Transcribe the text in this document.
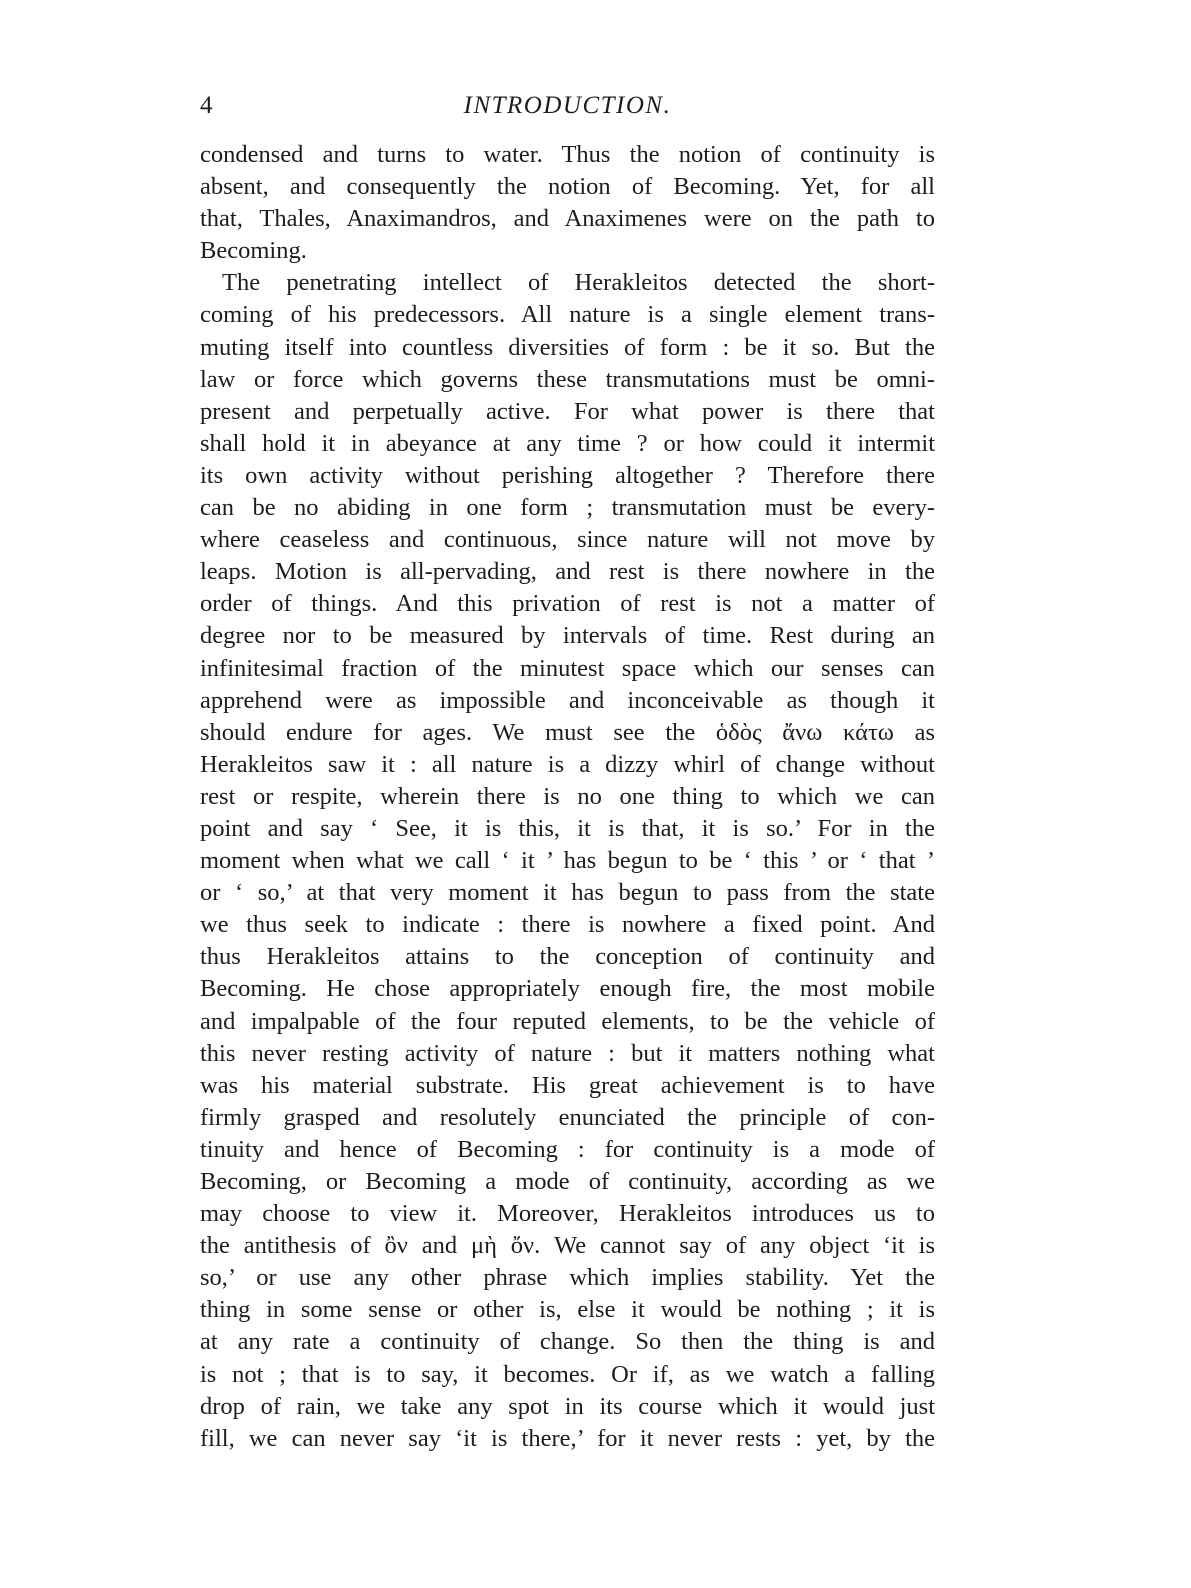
4	INTRODUCTION.
condensed and turns to water. Thus the notion of continuity is
absent, and consequently the notion of Becoming. Yet, for all
that, Thales, Anaximandros, and Anaximenes were on the path to
Becoming.
The penetrating intellect of Herakleitos detected the short-
coming of his predecessors. All nature is a single element trans-
muting itself into countless diversities of form : be it so. But the
law or force which governs these transmutations must be omni-
present and perpetually active. For what power is there that
shall hold it in abeyance at any time ? or how could it intermit
its own activity without perishing altogether ? Therefore there
can be no abiding in one form ; transmutation must be every-
where ceaseless and continuous, since nature will not move by
leaps. Motion is all-pervading, and rest is there nowhere in the
order of things. And this privation of rest is not a matter of
degree nor to be measured by intervals of time. Rest during an
infinitesimal fraction of the minutest space which our senses can
apprehend were as impossible and inconceivable as though it
should endure for ages. We must see the ὁδὸς ἄνω κάτω as
Herakleitos saw it : all nature is a dizzy whirl of change without
rest or respite, wherein there is no one thing to which we can
point and say ‘ See, it is this, it is that, it is so.’ For in the
moment when what we call ‘ it ’ has begun to be ‘ this ’ or ‘ that ’
or ‘ so,’ at that very moment it has begun to pass from the state
we thus seek to indicate : there is nowhere a fixed point. And
thus Herakleitos attains to the conception of continuity and
Becoming. He chose appropriately enough fire, the most mobile
and impalpable of the four reputed elements, to be the vehicle of
this never resting activity of nature : but it matters nothing what
was his material substrate. His great achievement is to have
firmly grasped and resolutely enunciated the principle of con-
tinuity and hence of Becoming : for continuity is a mode of
Becoming, or Becoming a mode of continuity, according as we
may choose to view it. Moreover, Herakleitos introduces us to
the antithesis of ὂν and μὴ ὄν. We cannot say of any object ‘it is
so,’ or use any other phrase which implies stability. Yet the
thing in some sense or other is, else it would be nothing ; it is
at any rate a continuity of change. So then the thing is and
is not ; that is to say, it becomes. Or if, as we watch a falling
drop of rain, we take any spot in its course which it would just
fill, we can never say ‘it is there,’ for it never rests : yet, by the
